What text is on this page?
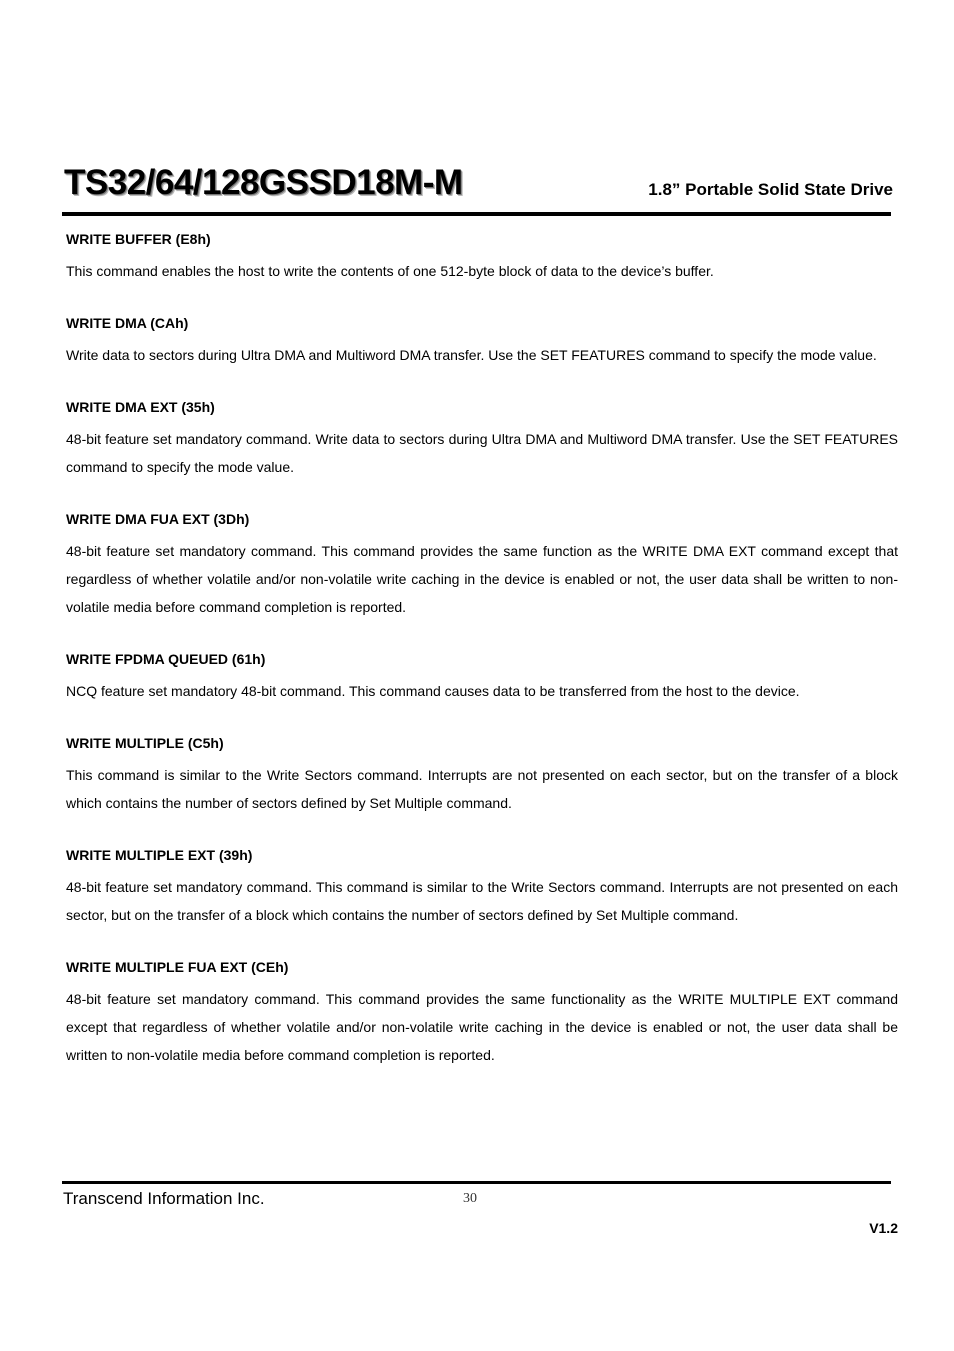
TS32/64/128GSSD18M-M	1.8” Portable Solid State Drive
WRITE BUFFER (E8h)

This command enables the host to write the contents of one 512-byte block of data to the device’s buffer.

WRITE DMA (CAh)

Write data to sectors during Ultra DMA and Multiword DMA transfer. Use the SET FEATURES command to specify the mode value.

WRITE DMA EXT (35h)

48-bit feature set mandatory command. Write data to sectors during Ultra DMA and Multiword DMA transfer. Use the SET FEATURES command to specify the mode value.

WRITE DMA FUA EXT (3Dh)

48-bit feature set mandatory command. This command provides the same function as the WRITE DMA EXT command except that regardless of whether volatile and/or non-volatile write caching in the device is enabled or not, the user data shall be written to non-volatile media before command completion is reported.

WRITE FPDMA QUEUED (61h)

NCQ feature set mandatory 48-bit command. This command causes data to be transferred from the host to the device.

WRITE MULTIPLE (C5h)

This command is similar to the Write Sectors command. Interrupts are not presented on each sector, but on the transfer of a block which contains the number of sectors defined by Set Multiple command.

WRITE MULTIPLE EXT (39h)

48-bit feature set mandatory command. This command is similar to the Write Sectors command. Interrupts are not presented on each sector, but on the transfer of a block which contains the number of sectors defined by Set Multiple command.

WRITE MULTIPLE FUA EXT (CEh)

48-bit feature set mandatory command. This command provides the same functionality as the WRITE MULTIPLE EXT command except that regardless of whether volatile and/or non-volatile write caching in the device is enabled or not, the user data shall be written to non-volatile media before command completion is reported.

Transcend Information Inc.	30
V1.2
